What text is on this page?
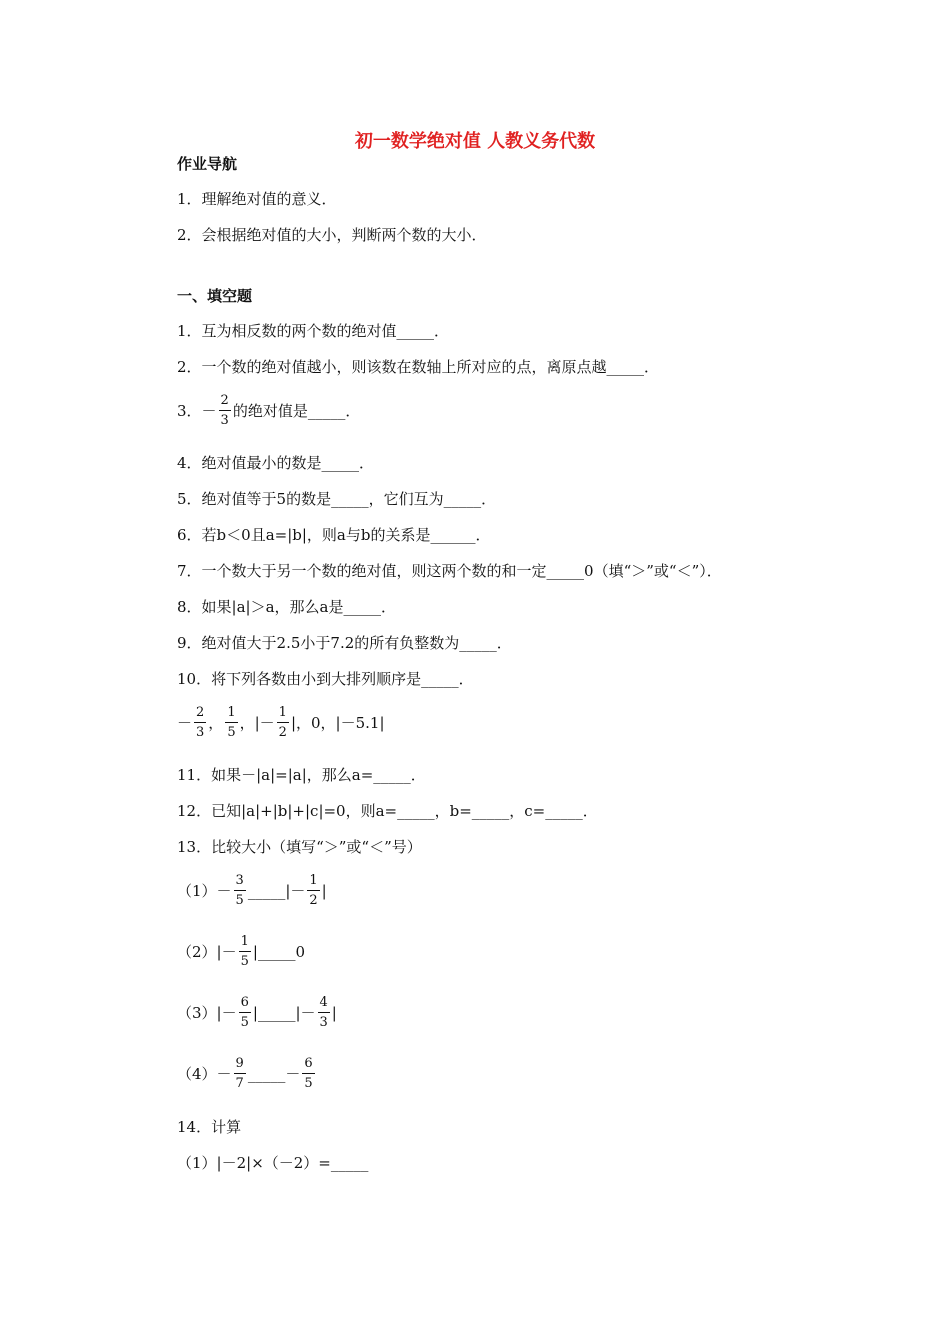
初一数学绝对值 人教义务代数
作业导航
1．理解绝对值的意义．
2．会根据绝对值的大小，判断两个数的大小．
一、填空题
1．互为相反数的两个数的绝对值_____．
2．一个数的绝对值越小，则该数在数轴上所对应的点，离原点越_____．
3．－ $\frac{2}{3}$ 的绝对值是_____．
4．绝对值最小的数是_____．
5．绝对值等于5的数是_____，它们互为_____．
6．若b＜0且a=|b|，则a与b的关系是______．
7．一个数大于另一个数的绝对值，则这两个数的和一定_____0（填“＞”或“＜”）．
8．如果|a|＞a，那么a是_____．
9．绝对值大于2.5小于7.2的所有负整数为_____．
10．将下列各数由小到大排列顺序是_____．
－ $\frac{2}{3}$ ， $\frac{1}{5}$ ，|－ $\frac{1}{2}$ |，0，|－5.1|
11．如果－|a|=|a|，那么a=_____．
12．已知|a|+|b|+|c|=0，则a=_____，b=_____，c=_____．
13．比较大小（填写“＞”或“＜”号）
$(1)- \frac{3}{5}$ _____|－ $\frac{1}{2}$ |
$(2)|- \frac{1}{5}$ |_____0
$(3)|- \frac{6}{5}$ |_____|－ $\frac{4}{3}$ |
$(4)- \frac{9}{7}$ _____－ $\frac{6}{5}$
14．计算
（1）|－2|×（－2）=_____
